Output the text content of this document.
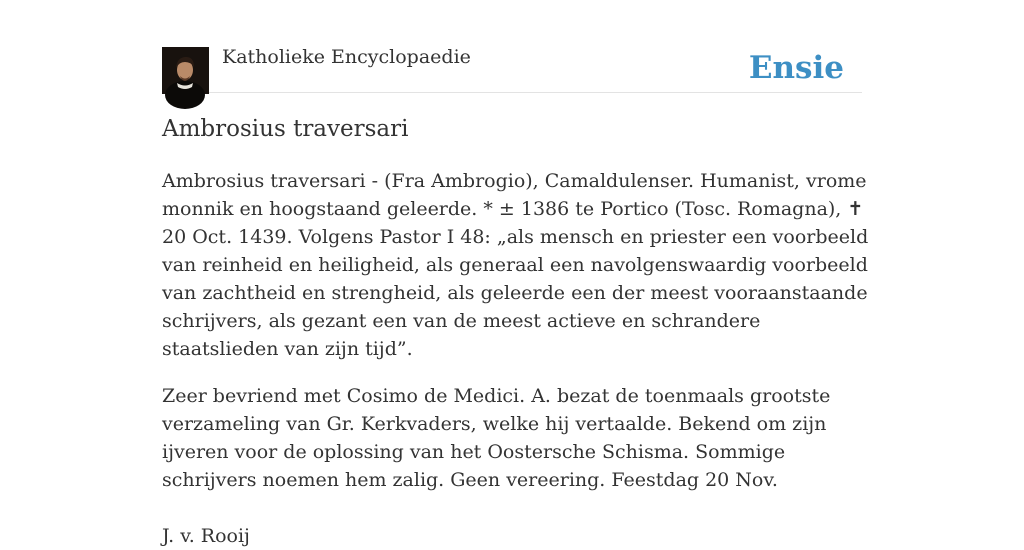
Katholieke Encyclopaedie	Ensie
Ambrosius traversari

Ambrosius traversari - (Fra Ambrogio), Camaldulenser. Humanist, vrome monnik en hoogstaand geleerde. * ± 1386 te Portico (Tosc. Romagna), ✝ 20 Oct. 1439. Volgens Pastor I 48: „als mensch en priester een voorbeeld van reinheid en heiligheid, als generaal een navolgenswaardig voorbeeld van zachtheid en strengheid, als geleerde een der meest vooraanstaande schrijvers, als gezant een van de meest actieve en schrandere staatslieden van zijn tijd”.

Zeer bevriend met Cosimo de Medici. A. bezat de toenmaals grootste verzameling van Gr. Kerkvaders, welke hij vertaalde. Bekend om zijn ijveren voor de oplossing van het Oostersche Schisma. Sommige schrijvers noemen hem zalig. Geen vereering. Feestdag 20 Nov.

J. v. Rooij
